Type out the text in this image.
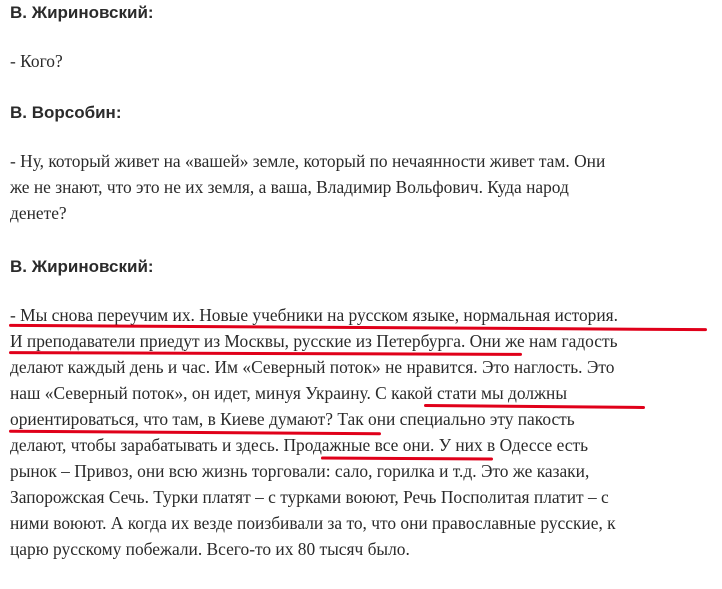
В. Жириновский:

- Кого?

В. Ворсобин:

- Ну, который живет на «вашей» земле, который по нечаянности живет там. Они
же не знают, что это не их земля, а ваша, Владимир Вольфович. Куда народ
денете?

В. Жириновский:

- Мы снова переучим их. Новые учебники на русском языке, нормальная история.
И преподаватели приедут из Москвы, русские из Петербурга. Они же нам гадость
делают каждый день и час. Им «Северный поток» не нравится. Это наглость. Это
наш «Северный поток», он идет, минуя Украину. С какой стати мы должны
ориентироваться, что там, в Киеве думают? Так они специально эту пакость
делают, чтобы зарабатывать и здесь. Продажные все они. У них в Одессе есть
рынок – Привоз, они всю жизнь торговали: сало, горилка и т.д. Это же казаки,
Запорожская Сечь. Турки платят – с турками воюют, Речь Посполитая платит – с
ними воюют. А когда их везде поизбивали за то, что они православные русские, к
царю русскому побежали. Всего-то их 80 тысяч было.
